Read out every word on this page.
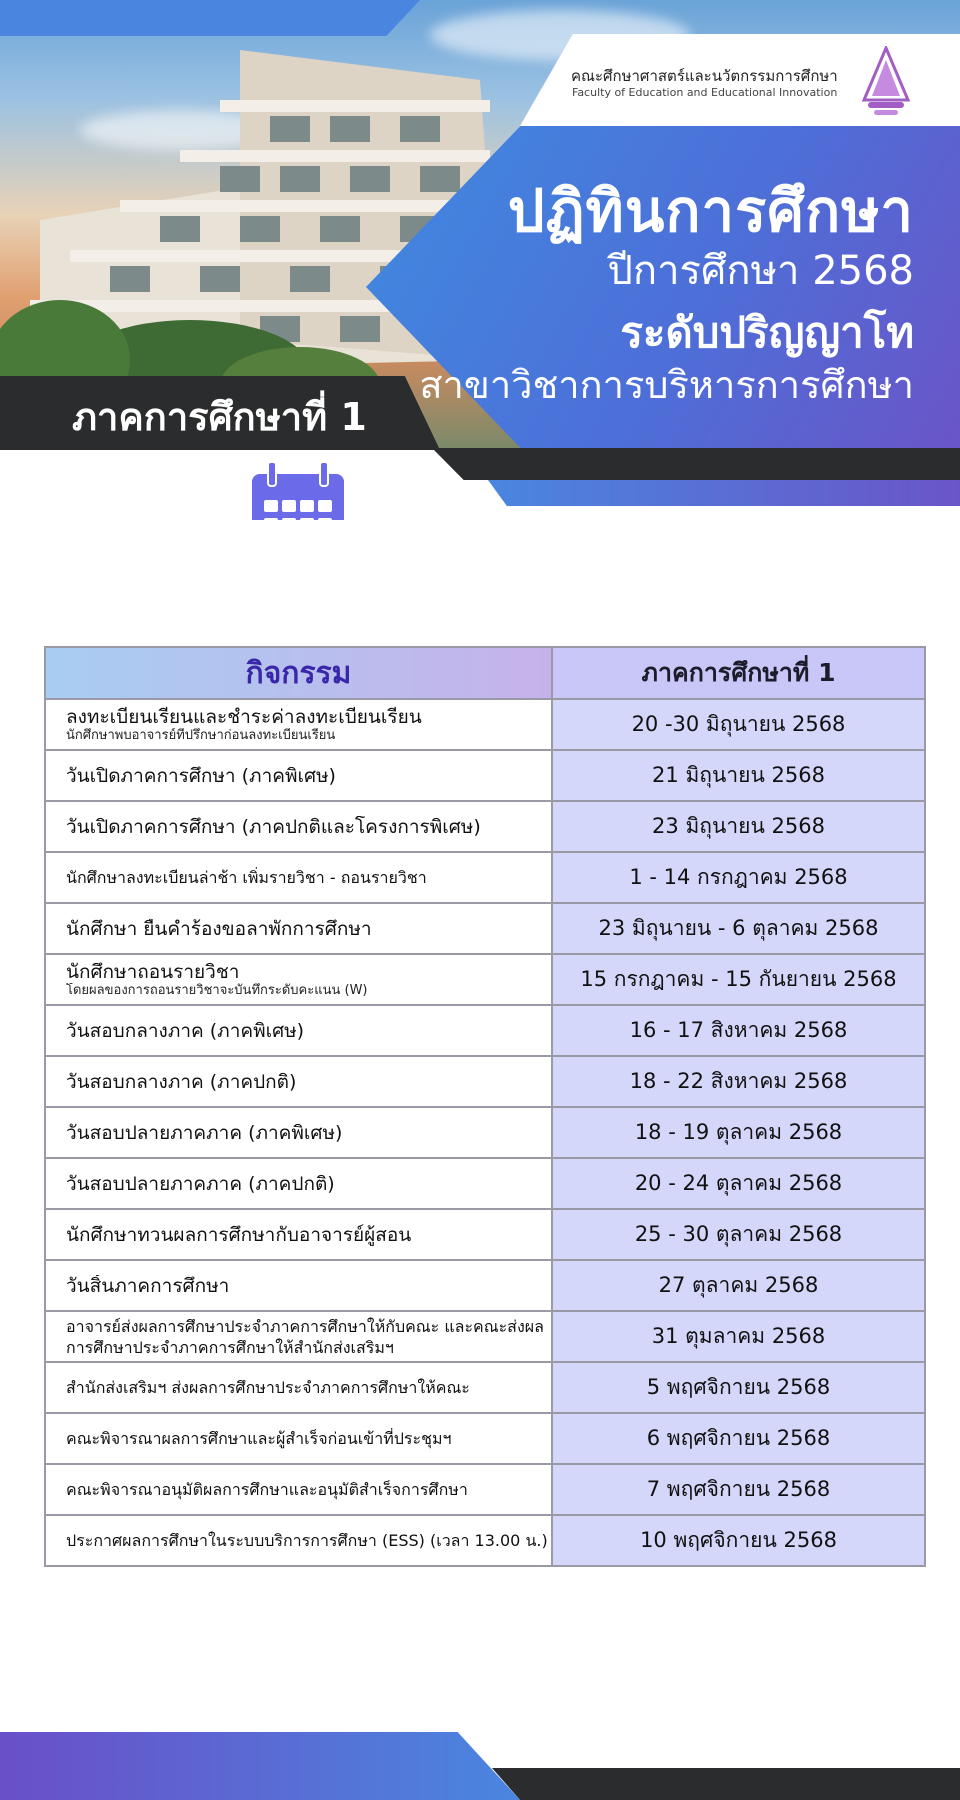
คณะศึกษาศาสตร์และนวัตกรรมการศึกษา
Faculty of Education and Educational Innovation
ปฏิทินการศึกษา
ปีการศึกษา 2568
ระดับปริญญาโท
สาขาวิชาการบริหารการศึกษา
ภาคการศึกษาที่ 1
กิจกรรม	ภาคการศึกษาที่ 1

ลงทะเบียนเรียนและชำระค่าลงทะเบียนเรียน
นักศึกษาพบอาจารย์ที่ปรึกษาก่อนลงทะเบียนเรียน	20 -30 มิถุนายน 2568

วันเปิดภาคการศึกษา (ภาคพิเศษ)	21 มิถุนายน 2568

วันเปิดภาคการศึกษา (ภาคปกติและโครงการพิเศษ)	23 มิถุนายน 2568

นักศึกษาลงทะเบียนล่าช้า เพิ่มรายวิชา - ถอนรายวิชา	1 - 14 กรกฎาคม 2568

นักศึกษา ยื่นคำร้องขอลาพักการศึกษา	23 มิถุนายน - 6 ตุลาคม 2568

นักศึกษาถอนรายวิชา
โดยผลของการถอนรายวิชาจะบันทึกระดับคะแนน (W)	15 กรกฎาคม - 15 กันยายน 2568

วันสอบกลางภาค (ภาคพิเศษ)	16 - 17 สิงหาคม 2568

วันสอบกลางภาค (ภาคปกติ)	18 - 22 สิงหาคม 2568

วันสอบปลายภาคภาค (ภาคพิเศษ)	18 - 19 ตุลาคม 2568

วันสอบปลายภาคภาค (ภาคปกติ)	20 - 24 ตุลาคม 2568

นักศึกษาทวนผลการศึกษากับอาจารย์ผู้สอน	25 - 30 ตุลาคม 2568

วันสิ้นภาคการศึกษา	27 ตุลาคม 2568

อาจารย์ส่งผลการศึกษาประจำภาคการศึกษาให้กับคณะ และคณะส่งผล
การศึกษาประจำภาคการศึกษาให้สำนักส่งเสริมฯ	31 ตุมลาคม 2568

สำนักส่งเสริมฯ ส่งผลการศึกษาประจำภาคการศึกษาให้คณะ	5 พฤศจิกายน 2568

คณะพิจารณาผลการศึกษาและผู้สำเร็จก่อนเข้าที่ประชุมฯ	6 พฤศจิกายน 2568

คณะพิจารณาอนุมัติผลการศึกษาและอนุมัติสำเร็จการศึกษา	7 พฤศจิกายน 2568

ประกาศผลการศึกษาในระบบบริการการศึกษา (ESS) (เวลา 13.00 น.)	10 พฤศจิกายน 2568
